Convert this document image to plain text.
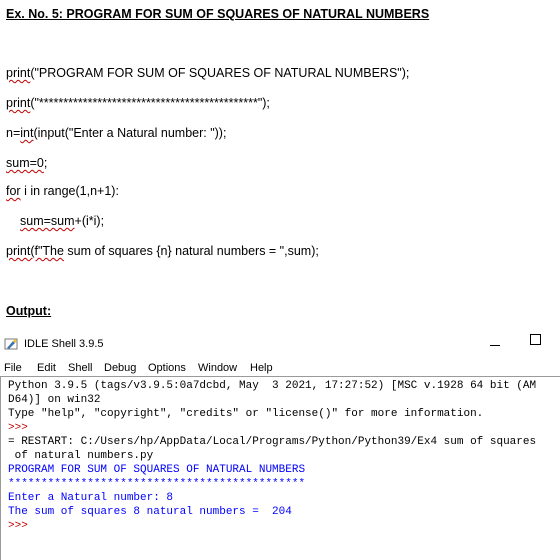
Ex. No. 5: PROGRAM FOR SUM OF SQUARES OF NATURAL NUMBERS
print("PROGRAM FOR SUM OF SQUARES OF NATURAL NUMBERS");
print("*********************************************");
n=int(input("Enter a Natural number: "));
sum=0;
for i in range(1,n+1):
sum=sum+(i*i);
print(f"The sum of squares {n} natural numbers = ",sum);
Output:
IDLE Shell 3.9.5
File Edit Shell Debug Options Window Help
Python 3.9.5 (tags/v3.9.5:0a7dcbd, May  3 2021, 17:27:52) [MSC v.1928 64 bit (AM
D64)] on win32
Type "help", "copyright", "credits" or "license()" for more information.
>>>
= RESTART: C:/Users/hp/AppData/Local/Programs/Python/Python39/Ex4 sum of squares
of natural numbers.py
PROGRAM FOR SUM OF SQUARES OF NATURAL NUMBERS
*********************************************
Enter a Natural number: 8
The sum of squares 8 natural numbers =  204
>>>
